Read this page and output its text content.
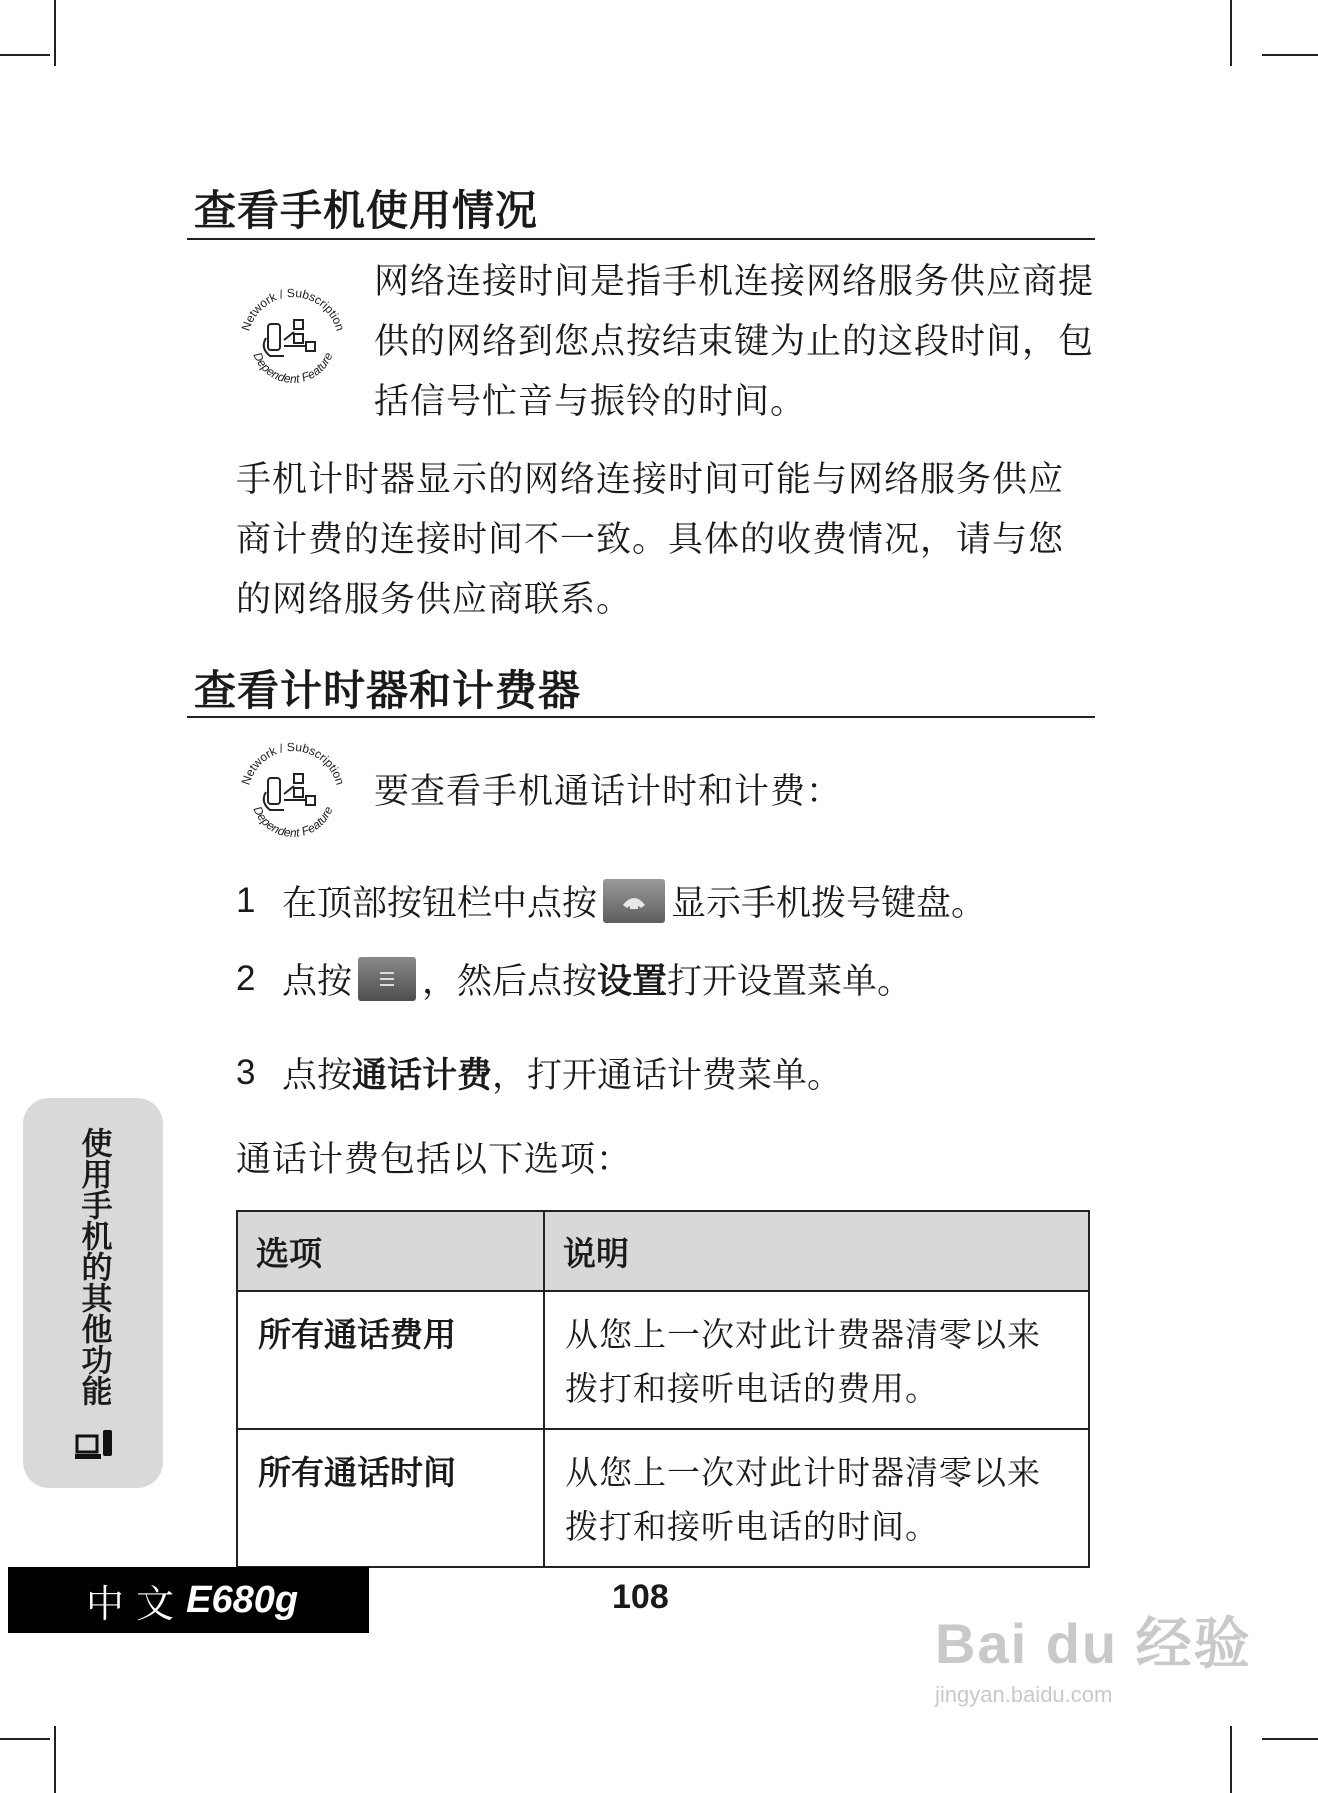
查看手机使用情况
Network / Subscription
Dependent Feature
网络连接时间是指手机连接网络服务供应商提供的网络到您点按结束键为止的这段时间，包括信号忙音与振铃的时间。
手机计时器显示的网络连接时间可能与网络服务供应商计费的连接时间不一致。具体的收费情况，请与您的网络服务供应商联系。
查看计时器和计费器
Network / Subscription
Dependent Feature 要查看手机通话计时和计费：
1 在顶部按钮栏中点按 显示手机拨号键盘。
2 点按 ，然后点按 设置 打开设置菜单。
3 点按 通话计费 ，打开通话计费菜单。
通话计费包括以下选项：
选项	说明
所有通话费用	从您上一次对此计费器清零以来拨打和接听电话的费用。
所有通话时间	从您上一次对此计时器清零以来拨打和接听电话的时间。
使用手机的其他功能
中 文 E680g	108
Bai du 经验
jingyan.baidu.com
